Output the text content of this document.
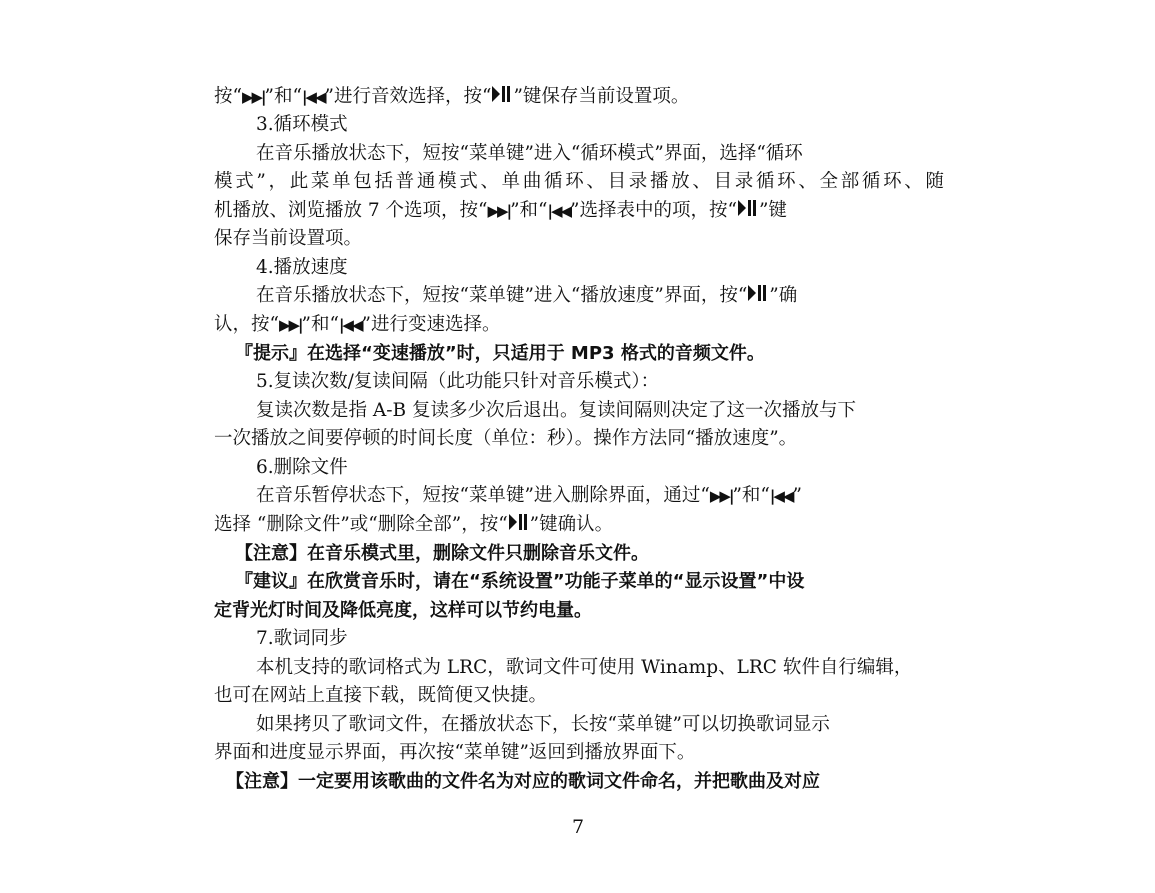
按“▶▶|”和“|◀◀”进行音效选择，按“ ”键保存当前设置项。
3.循环模式
在音乐播放状态下，短按“菜单键”进入“循环模式”界面，选择“循环
模式”，此菜单包括普通模式、单曲循环、目录播放、目录循环、全部循环、随
机播放、浏览播放 7 个选项，按“▶▶|”和“|◀◀”选择表中的项，按“ ”键
保存当前设置项。
4.播放速度
在音乐播放状态下，短按“菜单键”进入“播放速度”界面，按“ ”确
认，按“▶▶|”和“|◀◀”进行变速选择。
『提示』在选择“变速播放”时，只适用于 MP3 格式的音频文件。
5.复读次数/复读间隔（此功能只针对音乐模式）：
复读次数是指 A-B 复读多少次后退出。复读间隔则决定了这一次播放与下
一次播放之间要停顿的时间长度（单位：秒）。操作方法同“播放速度”。
6.删除文件
在音乐暂停状态下，短按“菜单键”进入删除界面，通过“▶▶|”和“|◀◀”
选择 “删除文件”或“删除全部”，按“ ”键确认。
【注意】在音乐模式里，删除文件只删除音乐文件。
『建议』在欣赏音乐时，请在“系统设置”功能子菜单的“显示设置”中设
定背光灯时间及降低亮度，这样可以节约电量。
7.歌词同步
本机支持的歌词格式为 LRC，歌词文件可使用 Winamp、LRC 软件自行编辑，
也可在网站上直接下载，既简便又快捷。
如果拷贝了歌词文件，在播放状态下，长按“菜单键”可以切换歌词显示
界面和进度显示界面，再次按“菜单键”返回到播放界面下。
【注意】一定要用该歌曲的文件名为对应的歌词文件命名，并把歌曲及对应
7
